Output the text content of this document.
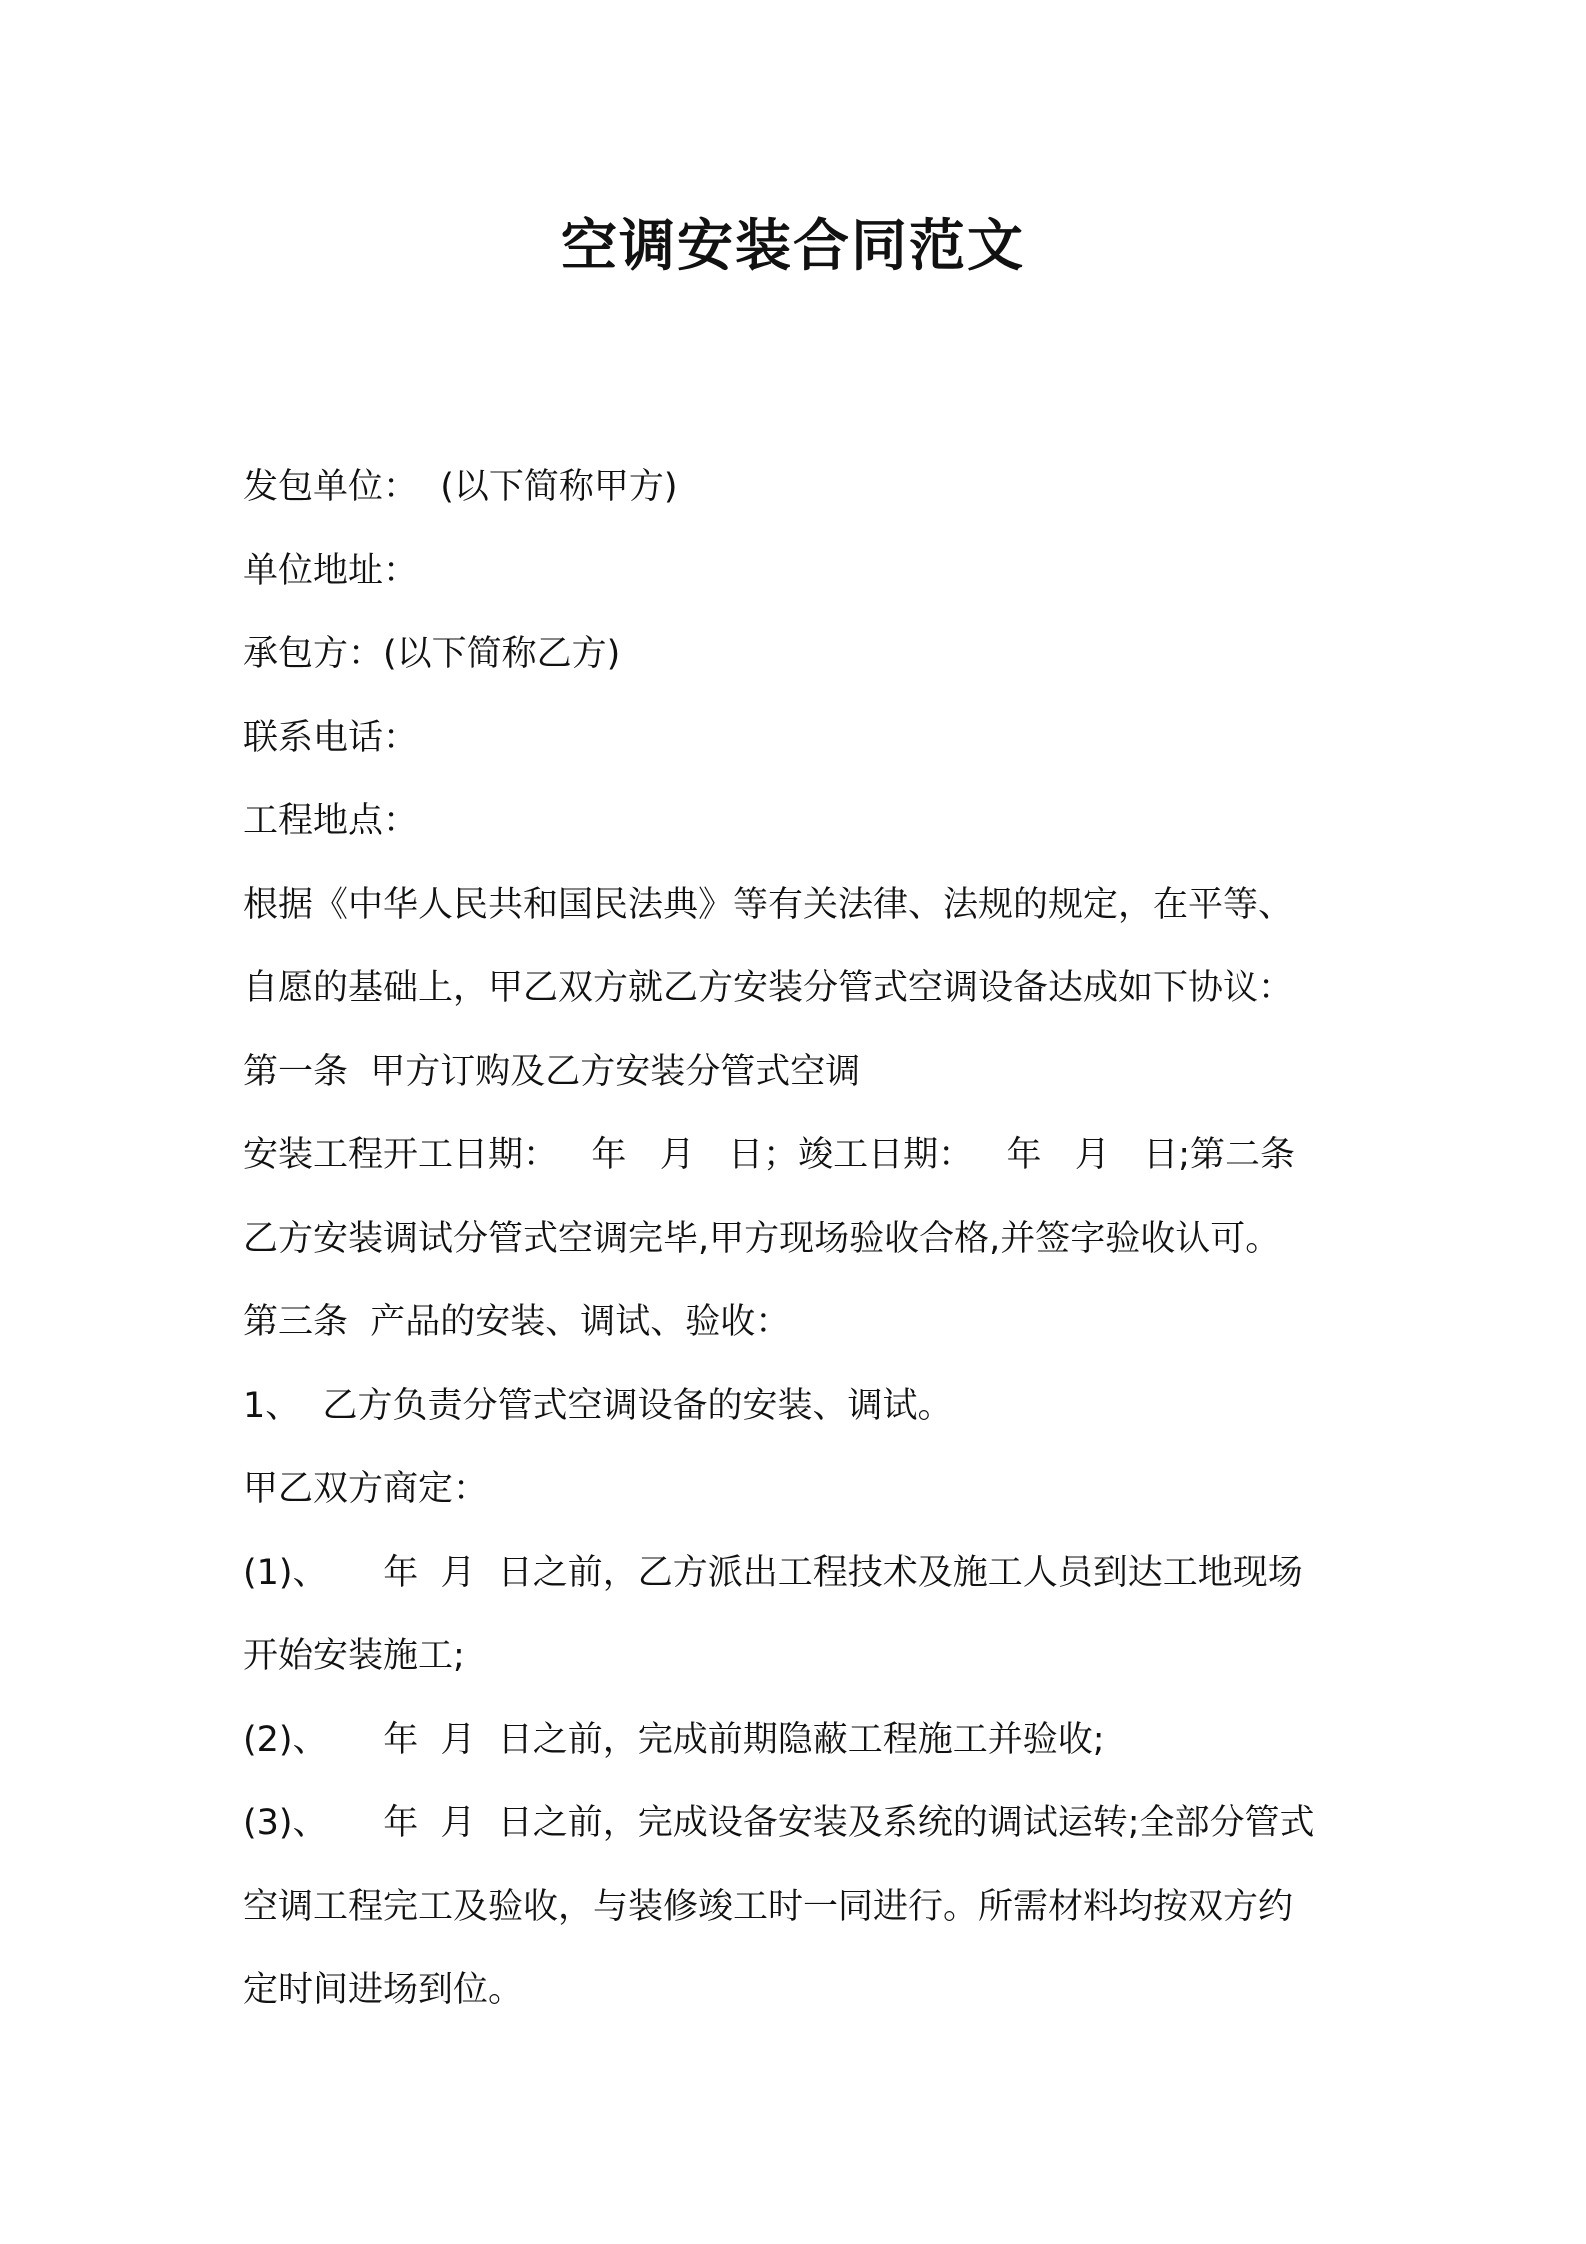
空调安装合同范文

发包单位：  (以下简称甲方)

单位地址：

承包方：(以下简称乙方)

联系电话：

工程地点：

根据《中华人民共和国民法典》等有关法律、法规的规定，在平等、

自愿的基础上，甲乙双方就乙方安装分管式空调设备达成如下协议：

第一条  甲方订购及乙方安装分管式空调

安装工程开工日期：   年   月   日；竣工日期：   年   月   日;第二条

乙方安装调试分管式空调完毕,甲方现场验收合格,并签字验收认可。

第三条  产品的安装、调试、验收：

1、  乙方负责分管式空调设备的安装、调试。

甲乙双方商定：

(1)、     年  月  日之前，乙方派出工程技术及施工人员到达工地现场

开始安装施工;

(2)、     年  月  日之前，完成前期隐蔽工程施工并验收;

(3)、     年  月  日之前，完成设备安装及系统的调试运转;全部分管式

空调工程完工及验收，与装修竣工时一同进行。所需材料均按双方约

定时间进场到位。
